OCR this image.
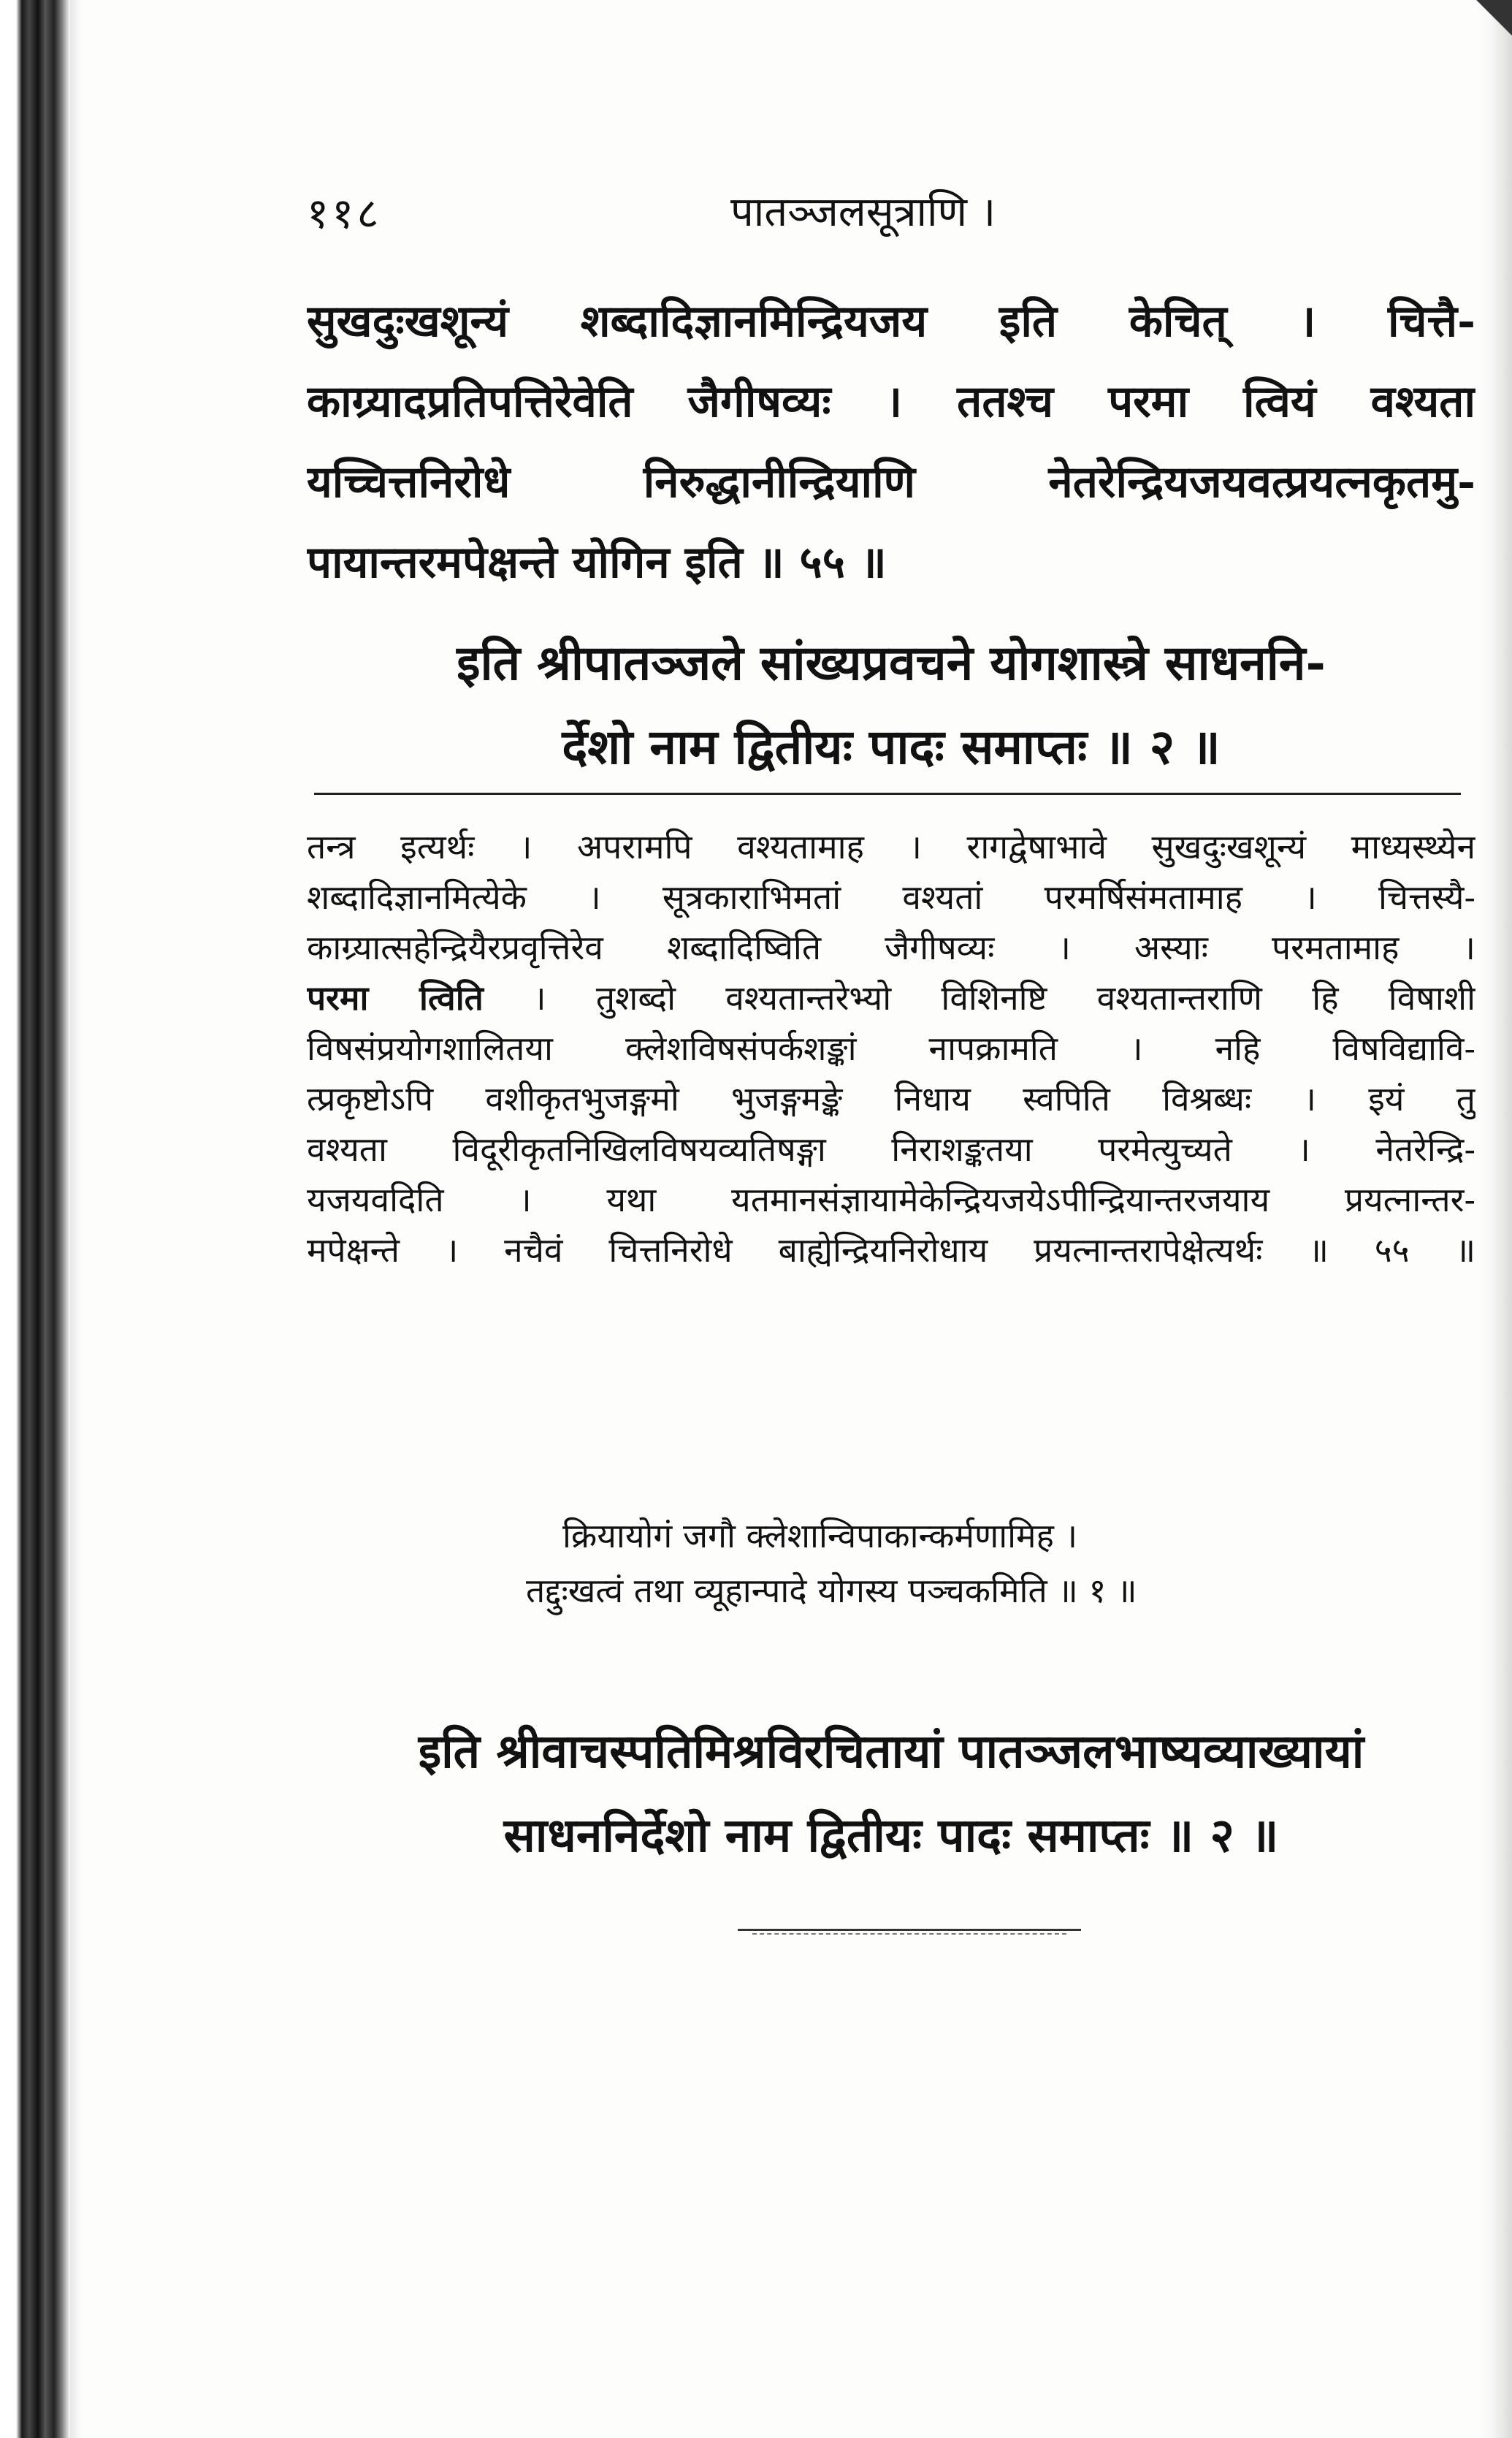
११८	पातञ्जलसूत्राणि ।
सुखदुःखशून्यं शब्दादिज्ञानमिन्द्रियजय इति केचित् । चित्तै-
काग्र्यादप्रतिपत्तिरेवेति जैगीषव्यः । ततश्च परमा त्वियं वश्यता
यच्चित्तनिरोधे निरुद्धानीन्द्रियाणि नेतरेन्द्रियजयवत्प्रयत्नकृतमु-
पायान्तरमपेक्षन्ते योगिन इति ॥ ५५ ॥
इति श्रीपातञ्जले सांख्यप्रवचने योगशास्त्रे साधननि-
र्देशो नाम द्वितीयः पादः समाप्तः ॥ २ ॥
तन्त्र इत्यर्थः । अपरामपि वश्यतामाह । रागद्वेषाभावे सुखदुःखशून्यं माध्यस्थ्येन
शब्दादिज्ञानमित्येके । सूत्रकाराभिमतां वश्यतां परमर्षिसंमतामाह । चित्तस्यै-
काग्र्यात्सहेन्द्रियैरप्रवृत्तिरेव शब्दादिष्विति जैगीषव्यः । अस्याः परमतामाह ।
परमा त्विति । तुशब्दो वश्यतान्तरेभ्यो विशिनष्टि वश्यतान्तराणि हि विषाशी
विषसंप्रयोगशालितया क्लेशविषसंपर्कशङ्कां नापक्रामति । नहि विषविद्यावि-
त्प्रकृष्टोऽपि वशीकृतभुजङ्गमो भुजङ्गमङ्के निधाय स्वपिति विश्रब्धः । इयं तु
वश्यता विदूरीकृतनिखिलविषयव्यतिषङ्गा निराशङ्कतया परमेत्युच्यते । नेतरेन्द्रि-
यजयवदिति । यथा यतमानसंज्ञायामेकेन्द्रियजयेऽपीन्द्रियान्तरजयाय प्रयत्नान्तर-
मपेक्षन्ते । नचैवं चित्तनिरोधे बाह्येन्द्रियनिरोधाय प्रयत्नान्तरापेक्षेत्यर्थः ॥ ५५ ॥
क्रियायोगं जगौ क्लेशान्विपाकान्कर्मणामिह ।
तद्दुःखत्वं तथा व्यूहान्पादे योगस्य पञ्चकमिति ॥ १ ॥
इति श्रीवाचस्पतिमिश्रविरचितायां पातञ्जलभाष्यव्याख्यायां
साधननिर्देशो नाम द्वितीयः पादः समाप्तः ॥ २ ॥
